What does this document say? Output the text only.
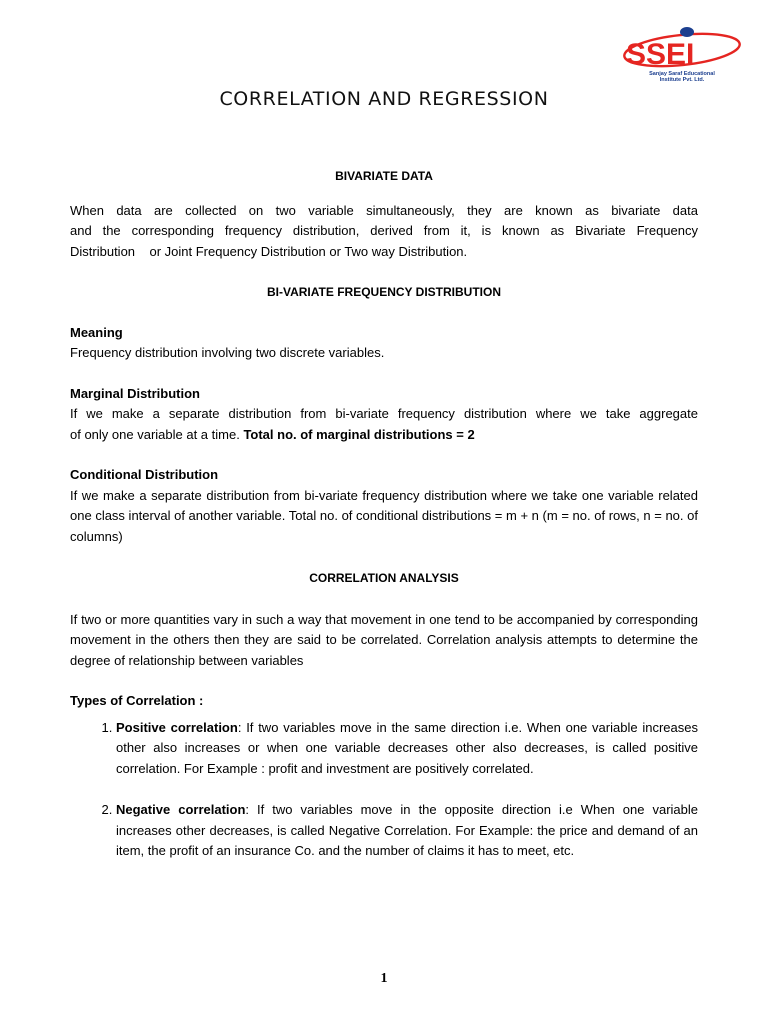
SSEI
Sanjay Saraf Educational Institute Pvt. Ltd.
CORRELATION AND REGRESSION
BIVARIATE DATA

When data are collected on two variable simultaneously, they are known as bivariate data

and the corresponding frequency distribution, derived from it, is known as Bivariate Frequency

Distribution    or Joint Frequency Distribution or Two way Distribution.

BI-VARIATE FREQUENCY DISTRIBUTION

Meaning

Frequency distribution involving two discrete variables.

Marginal Distribution

If we make a separate distribution from bi-variate frequency distribution where we take aggregate

of only one variable at a time. Total no. of marginal distributions = 2

Conditional Distribution

If we make a separate distribution from bi-variate frequency distribution where we take one variable related one class interval of another variable. Total no. of conditional distributions = m + n (m = no. of rows, n = no. of columns)

CORRELATION ANALYSIS

If two or more quantities vary in such a way that movement in one tend to be accompanied by corresponding movement in the others then they are said to be correlated. Correlation analysis attempts to determine the degree of relationship between variables

Types of Correlation :

1. Positive correlation: If two variables move in the same direction i.e. When one variable increases other also increases or when one variable decreases other also decreases, is called positive correlation. For Example : profit and investment are positively correlated.
2. Negative correlation: If two variables move in the opposite direction i.e When one variable increases other decreases, is called Negative Correlation. For Example: the price and demand of an item, the profit of an insurance Co. and the number of claims it has to meet, etc.
1
